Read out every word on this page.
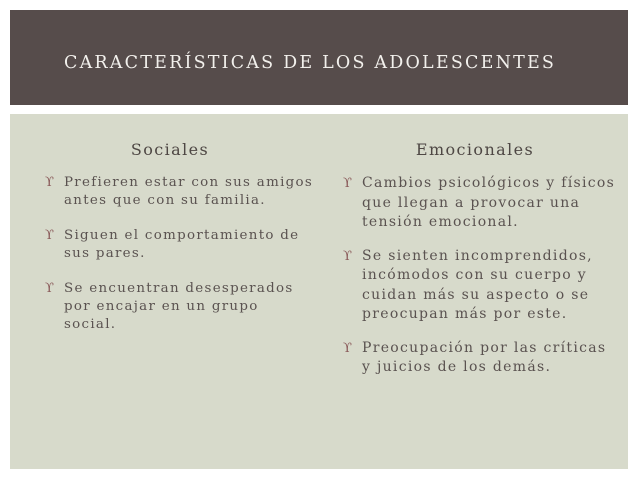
CARACTERÍSTICAS DE LOS ADOLESCENTES
Sociales	Emocionales
ϒ Prefieren estar con sus amigos antes que con su familia.
ϒ Siguen el comportamiento de sus pares.
ϒ Se encuentran desesperados por encajar en un grupo social.
ϒ Cambios psicológicos y físicos que llegan a provocar una tensión emocional.
ϒ Se sienten incomprendidos, incómodos con su cuerpo y cuidan más su aspecto o se preocupan más por este.
ϒ Preocupación por las críticas y juicios de los demás.
